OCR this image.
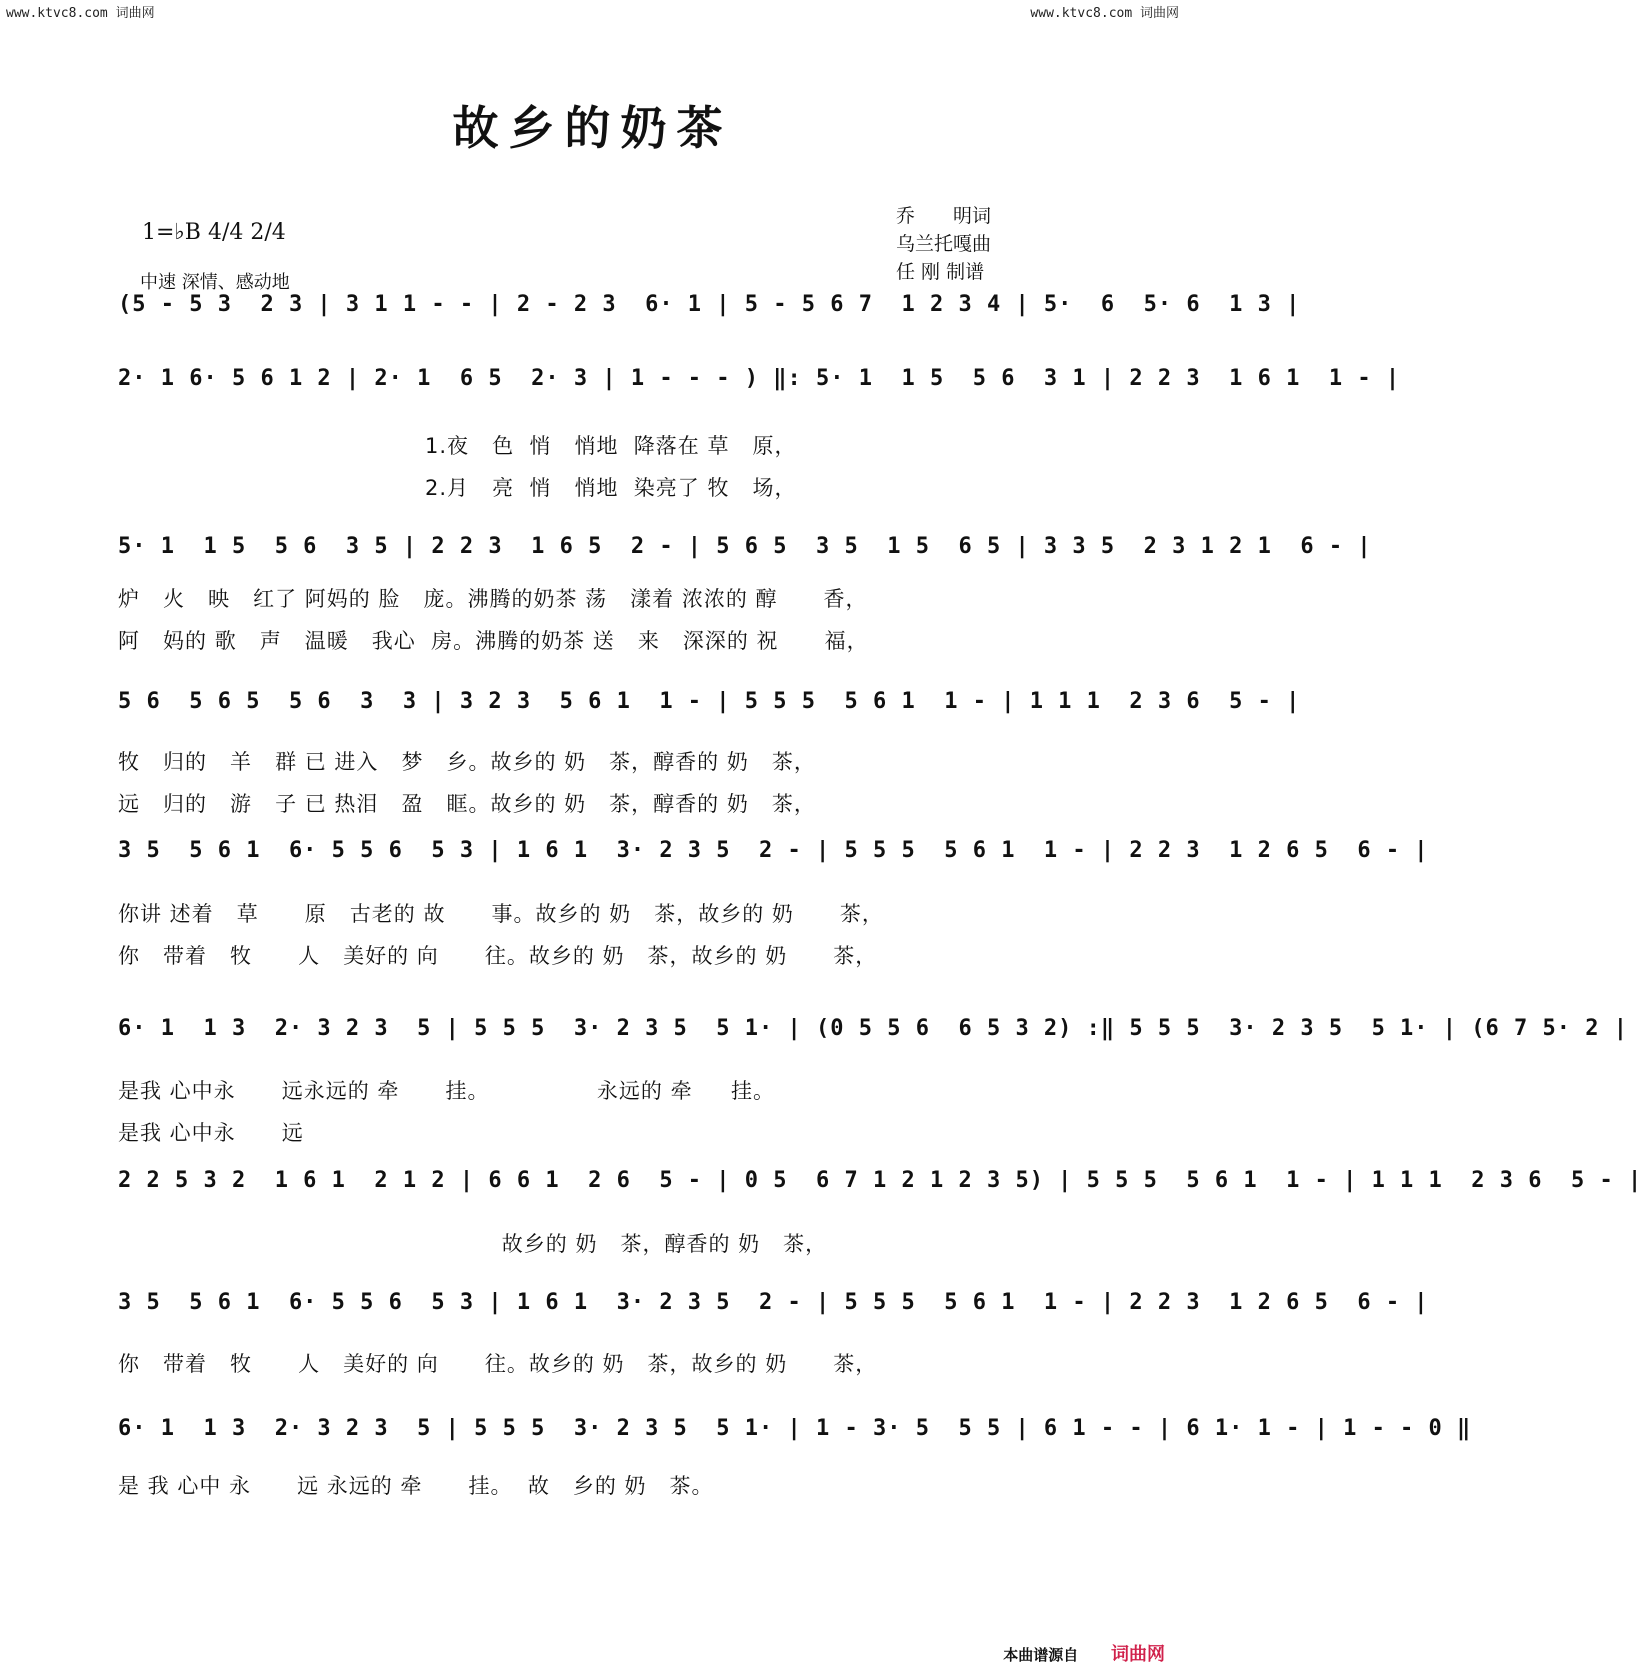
www.ktvc8.com 词曲网	www.ktvc8.com 词曲网
故乡的奶茶
1=♭B 4/4 2/4
中速 深情、感动地
乔　　明词
乌兰托嘎曲
任 刚 制谱
(5 - 5 3  2 3 | 3 1 1 - - | 2 - 2 3  6· 1 | 5 - 5 6 7  1 2 3 4 | 5·  6  5· 6  1 3 |
2· 1 6· 5 6 1 2 | 2· 1  6 5  2· 3 | 1 - - - ) ‖: 5· 1  1 5  5 6  3 1 | 2 2 3  1 6 1  1 - |
1.夜   色  悄   悄地  降落在 草   原，
2.月   亮  悄   悄地  染亮了 牧   场，
5· 1  1 5  5 6  3 5 | 2 2 3  1 6 5  2 - | 5 6 5  3 5  1 5  6 5 | 3 3 5  2 3 1 2 1  6 - |
炉   火   映   红了 阿妈的 脸   庞。沸腾的奶茶 荡   漾着 浓浓的 醇      香，
阿   妈的 歌   声   温暖   我心  房。沸腾的奶茶 送   来   深深的 祝      福，
5 6  5 6 5  5 6  3  3 | 3 2 3  5 6 1  1 - | 5 5 5  5 6 1  1 - | 1 1 1  2 3 6  5 - |
牧   归的   羊   群 已 进入   梦   乡。故乡的 奶   茶，醇香的 奶   茶，
远   归的   游   子 已 热泪   盈   眶。故乡的 奶   茶，醇香的 奶   茶，
3 5  5 6 1  6· 5 5 6  5 3 | 1 6 1  3· 2 3 5  2 - | 5 5 5  5 6 1  1 - | 2 2 3  1 2 6 5  6 - |
你讲 述着   草      原   古老的 故      事。故乡的 奶   茶，故乡的 奶      茶，
你   带着   牧      人   美好的 向      往。故乡的 奶   茶，故乡的 奶      茶，
6· 1  1 3  2· 3 2 3  5 | 5 5 5  3· 2 3 5  5 1· | (0 5 5 6  6 5 3 2) :‖ 5 5 5  3· 2 3 5  5 1· | (6 7 5· 2 |
是我 心中永      远永远的 牵      挂。              永远的 牵     挂。
是我 心中永      远
2 2 5 3 2  1 6 1  2 1 2 | 6 6 1  2 6  5 - | 0 5  6 7 1 2 1 2 3 5) | 5 5 5  5 6 1  1 - | 1 1 1  2 3 6  5 - |
故乡的 奶   茶，醇香的 奶   茶，
3 5  5 6 1  6· 5 5 6  5 3 | 1 6 1  3· 2 3 5  2 - | 5 5 5  5 6 1  1 - | 2 2 3  1 2 6 5  6 - |
你   带着   牧      人   美好的 向      往。故乡的 奶   茶，故乡的 奶      茶，
6· 1  1 3  2· 3 2 3  5 | 5 5 5  3· 2 3 5  5 1· | 1 - 3· 5  5 5 | 6 1 - - | 6 1· 1 - | 1 - - 0 ‖
是 我 心中 永      远 永远的 牵      挂。  故   乡的 奶   茶。
本曲谱源自 词曲网
